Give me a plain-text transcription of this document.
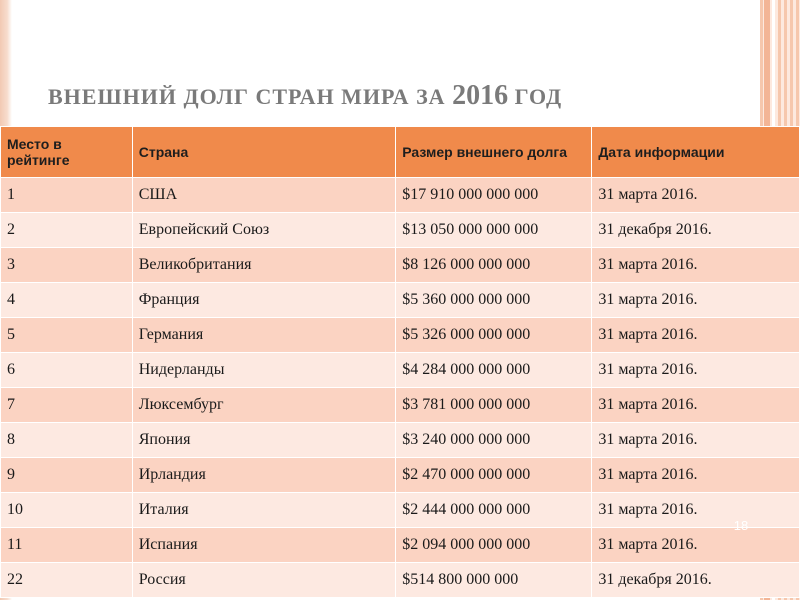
ВНЕШНИЙ ДОЛГ СТРАН МИРА ЗА 2016 ГОД
Место в рейтинге	Страна	Размер внешнего долга	Дата информации
1	США	$17 910 000 000 000	31 марта 2016.
2	Европейский Союз	$13 050 000 000 000	31 декабря 2016.
3	Великобритания	$8 126 000 000 000	31 марта 2016.
4	Франция	$5 360 000 000 000	31 марта 2016.
5	Германия	$5 326 000 000 000	31 марта 2016.
6	Нидерланды	$4 284 000 000 000	31 марта 2016.
7	Люксембург	$3 781 000 000 000	31 марта 2016.
8	Япония	$3 240 000 000 000	31 марта 2016.
9	Ирландия	$2 470 000 000 000	31 марта 2016.
10	Италия	$2 444 000 000 000	31 марта 2016.
11	Испания	$2 094 000 000 000	31 марта 2016.
22	Россия	$514 800 000 000	31 декабря 2016.
18
